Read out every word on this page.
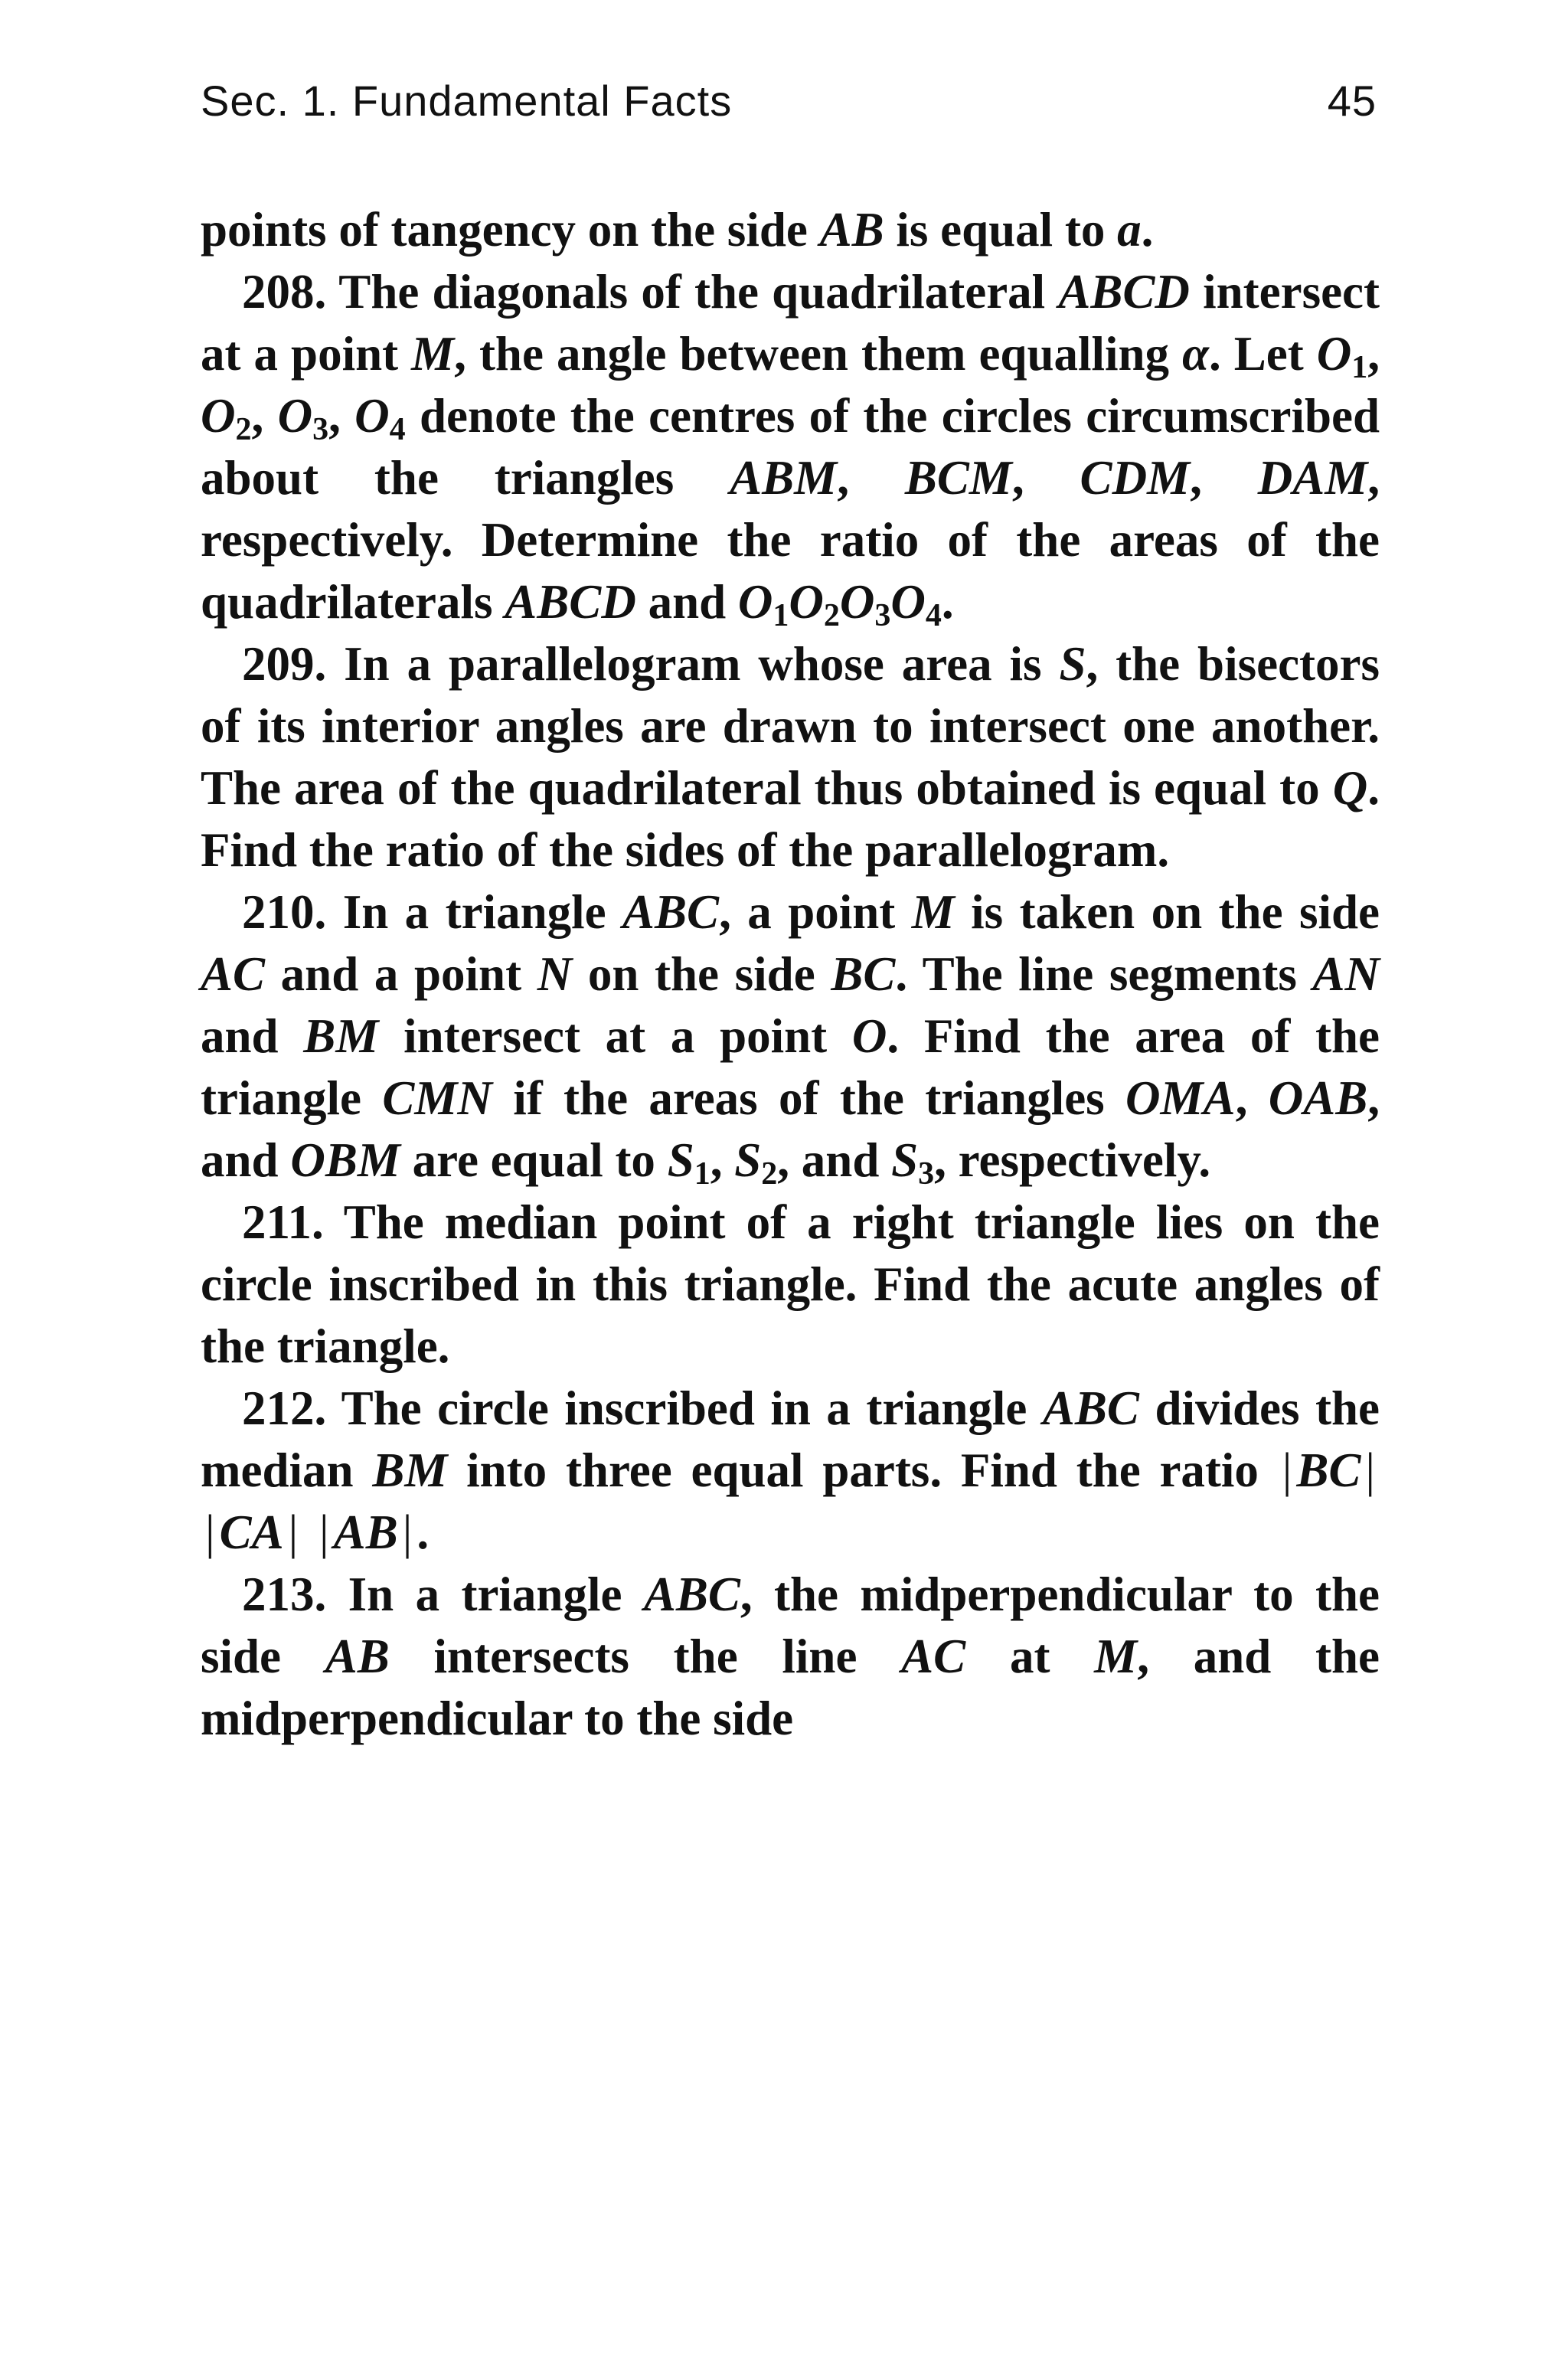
Sec. 1. Fundamental Facts	45

points of tangency on the side AB is equal to a.

208. The diagonals of the quadrilateral ABCD intersect at a point M, the angle between them equalling α. Let $O_1$, $O_2$, $O_3$, $O_4$ denote the centres of the circles circumscribed about the triangles ABM, BCM, CDM, DAM, respectively. Determine the ratio of the areas of the quadrilaterals ABCD and $O_1O_2O_3O_4$.

209. In a parallelogram whose area is S, the bisectors of its interior angles are drawn to intersect one another. The area of the quadrilateral thus obtained is equal to Q. Find the ratio of the sides of the parallelogram.

210. In a triangle ABC, a point M is taken on the side AC and a point N on the side BC. The line segments AN and BM intersect at a point O. Find the area of the triangle CMN if the areas of the triangles OMA, OAB, and OBM are equal to $S_1$, $S_2$, and $S_3$, respectively.

211. The median point of a right triangle lies on the circle inscribed in this triangle. Find the acute angles of the triangle.

212. The circle inscribed in a triangle ABC divides the median BM into three equal parts. Find the ratio |BC| |CA| |AB|.

213. In a triangle ABC, the midperpendicular to the side AB intersects the line AC at M, and the midperpendicular to the side
